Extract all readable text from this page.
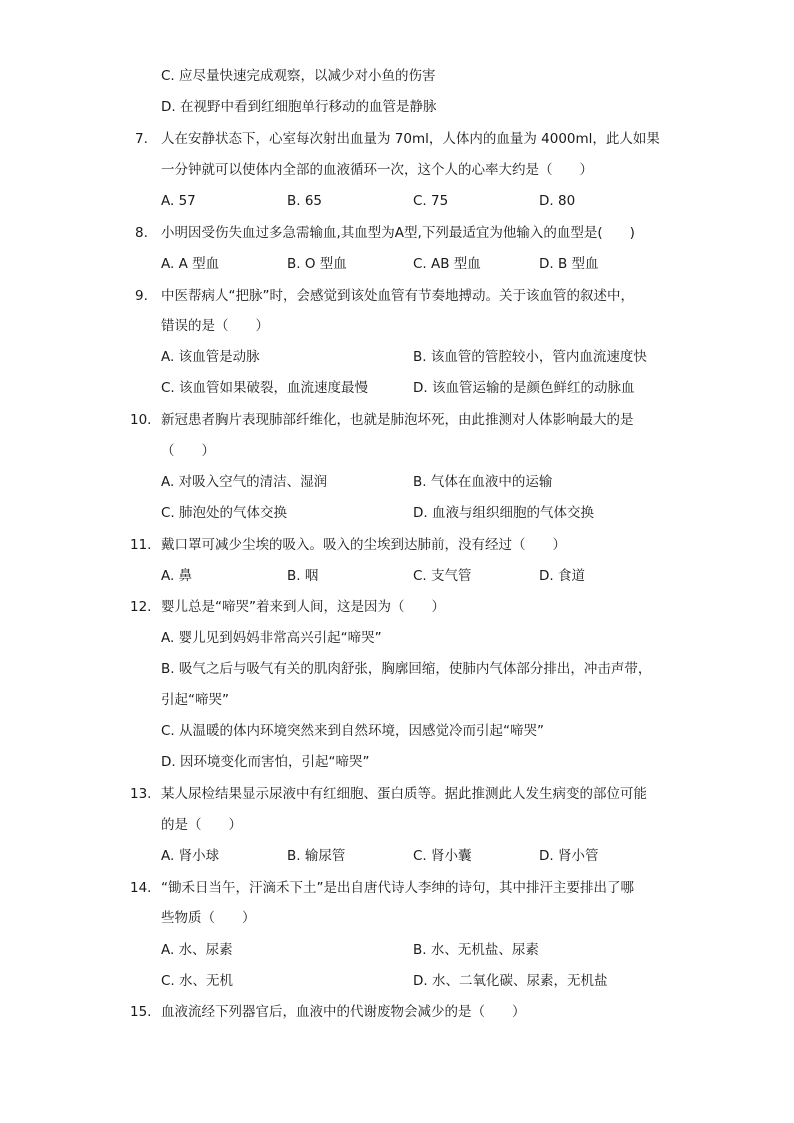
C. 应尽量快速完成观察，以减少对小鱼的伤害
D. 在视野中看到红细胞单行移动的血管是静脉
7. 人在安静状态下，心室每次射出血量为 70ml，人体内的血量为 4000ml，此人如果
一分钟就可以使体内全部的血液循环一次，这个人的心率大约是（　　）
A. 57	B. 65	C. 75	D. 80
8. 小明因受伤失血过多急需输血,其血型为A型,下列最适宜为他输入的血型是(　　)
A. A 型血	B. O 型血	C. AB 型血	D. B 型血
9. 中医帮病人“把脉”时，会感觉到该处血管有节奏地搏动。关于该血管的叙述中，
错误的是（　　）
A. 该血管是动脉	B. 该血管的管腔较小，管内血流速度快
C. 该血管如果破裂，血流速度最慢	D. 该血管运输的是颜色鲜红的动脉血
10. 新冠患者胸片表现肺部纤维化，也就是肺泡坏死，由此推测对人体影响最大的是
（　　）
A. 对吸入空气的清洁、湿润	B. 气体在血液中的运输
C. 肺泡处的气体交换	D. 血液与组织细胞的气体交换
11. 戴口罩可减少尘埃的吸入。吸入的尘埃到达肺前，没有经过（　　）
A. 鼻	B. 咽	C. 支气管	D. 食道
12. 婴儿总是“啼哭”着来到人间，这是因为（　　）
A. 婴儿见到妈妈非常高兴引起“啼哭”
B. 吸气之后与吸气有关的肌肉舒张，胸廓回缩，使肺内气体部分排出，冲击声带，
引起“啼哭”
C. 从温暖的体内环境突然来到自然环境，因感觉冷而引起“啼哭”
D. 因环境变化而害怕，引起“啼哭”
13. 某人尿检结果显示尿液中有红细胞、蛋白质等。据此推测此人发生病变的部位可能
的是（　　）
A. 肾小球	B. 输尿管	C. 肾小囊	D. 肾小管
14. “锄禾日当午，汗滴禾下土”是出自唐代诗人李绅的诗句，其中排汗主要排出了哪
些物质（　　）
A. 水、尿素	B. 水、无机盐、尿素
C. 水、无机	D. 水、二氧化碳、尿素，无机盐
15. 血液流经下列器官后，血液中的代谢废物会减少的是（　　）
